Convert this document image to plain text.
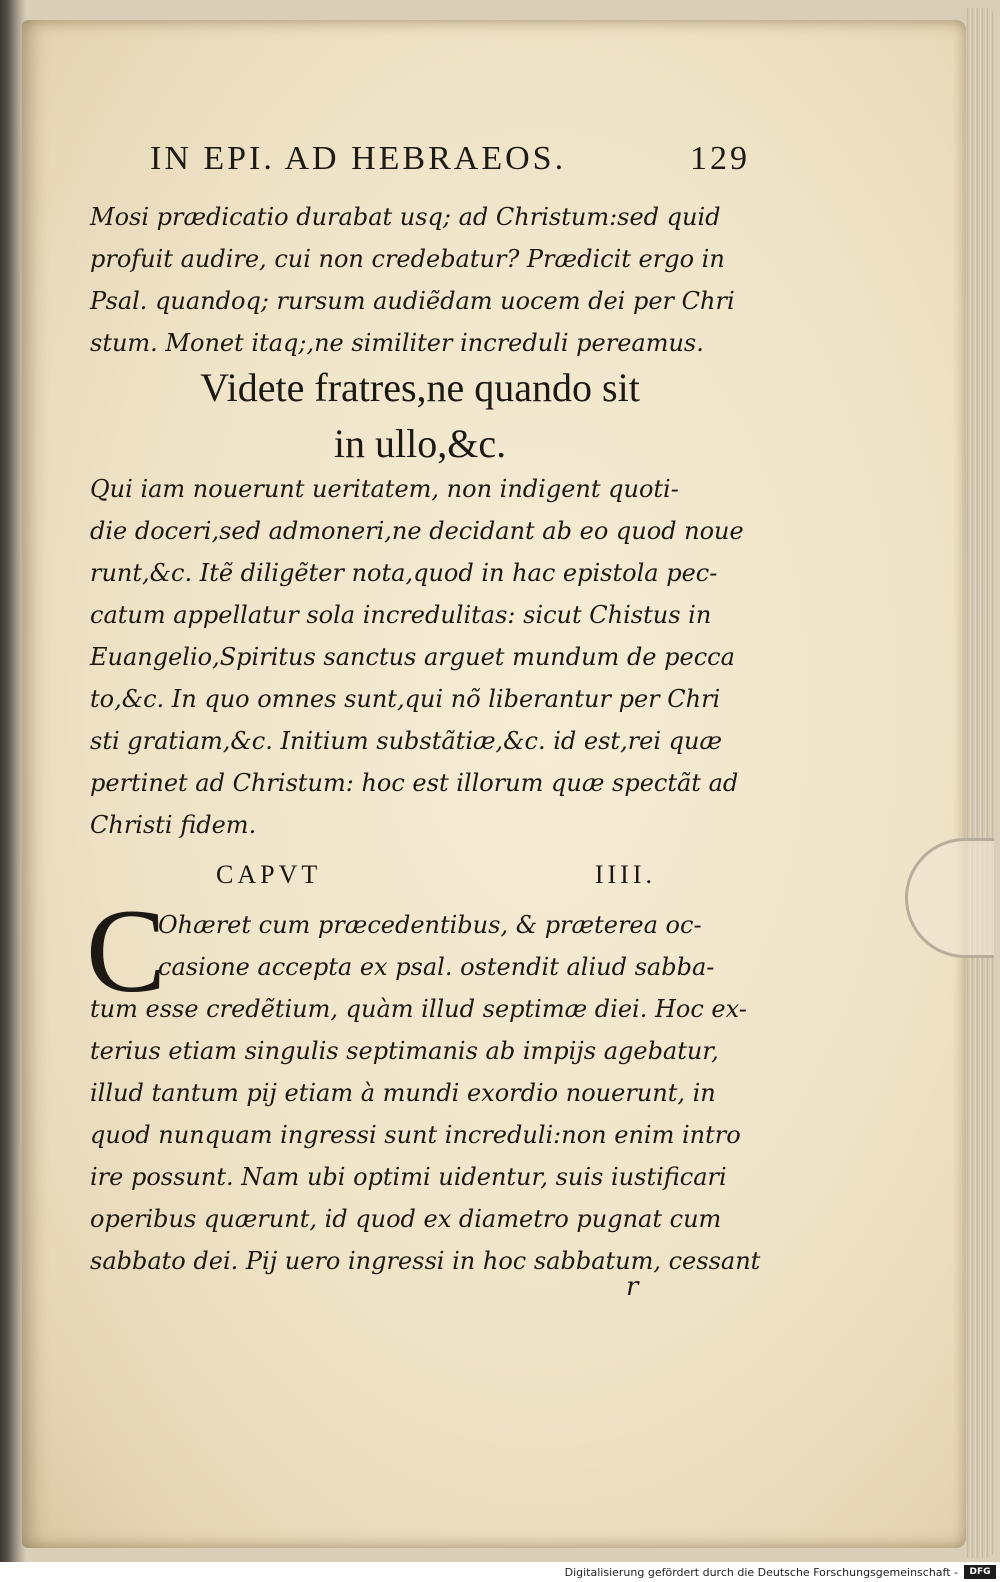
IN EPI. AD HEBRAEOS.	129
Mosi prædicatio durabat usq; ad Christum:sed quid
profuit audire, cui non credebatur? Prædicit ergo in
Psal. quandoq; rursum audiẽdam uocem dei per Chri
stum. Monet itaq;,ne similiter increduli pereamus.
Videte fratres,ne quando sit
in ullo,&c.
Qui iam nouerunt ueritatem, non indigent quoti-
die doceri,sed admoneri,ne decidant ab eo quod noue
runt,&c. Itẽ diligẽter nota,quod in hac epistola pec-
catum appellatur sola incredulitas: sicut Chistus in
Euangelio,Spiritus sanctus arguet mundum de pecca
to,&c. In quo omnes sunt,qui nõ liberantur per Chri
sti gratiam,&c. Initium substãtiæ,&c. id est,rei quæ
pertinet ad Christum: hoc est illorum quæ spectãt ad
Christi fidem.
CAPVT	IIII.
C
Ohæret cum præcedentibus, & præterea oc-
casione accepta ex psal. ostendit aliud sabba-
tum esse credẽtium, quàm illud septimæ diei. Hoc ex-
terius etiam singulis septimanis ab impijs agebatur,
illud tantum pij etiam à mundi exordio nouerunt, in
quod nunquam ingressi sunt increduli:non enim intro
ire possunt. Nam ubi optimi uidentur, suis iustificari
operibus quærunt, id quod ex diametro pugnat cum
sabbato dei. Pij uero ingressi in hoc sabbatum, cessant
r
Digitalisierung gefördert durch die Deutsche Forschungsgemeinschaft -	DFG
